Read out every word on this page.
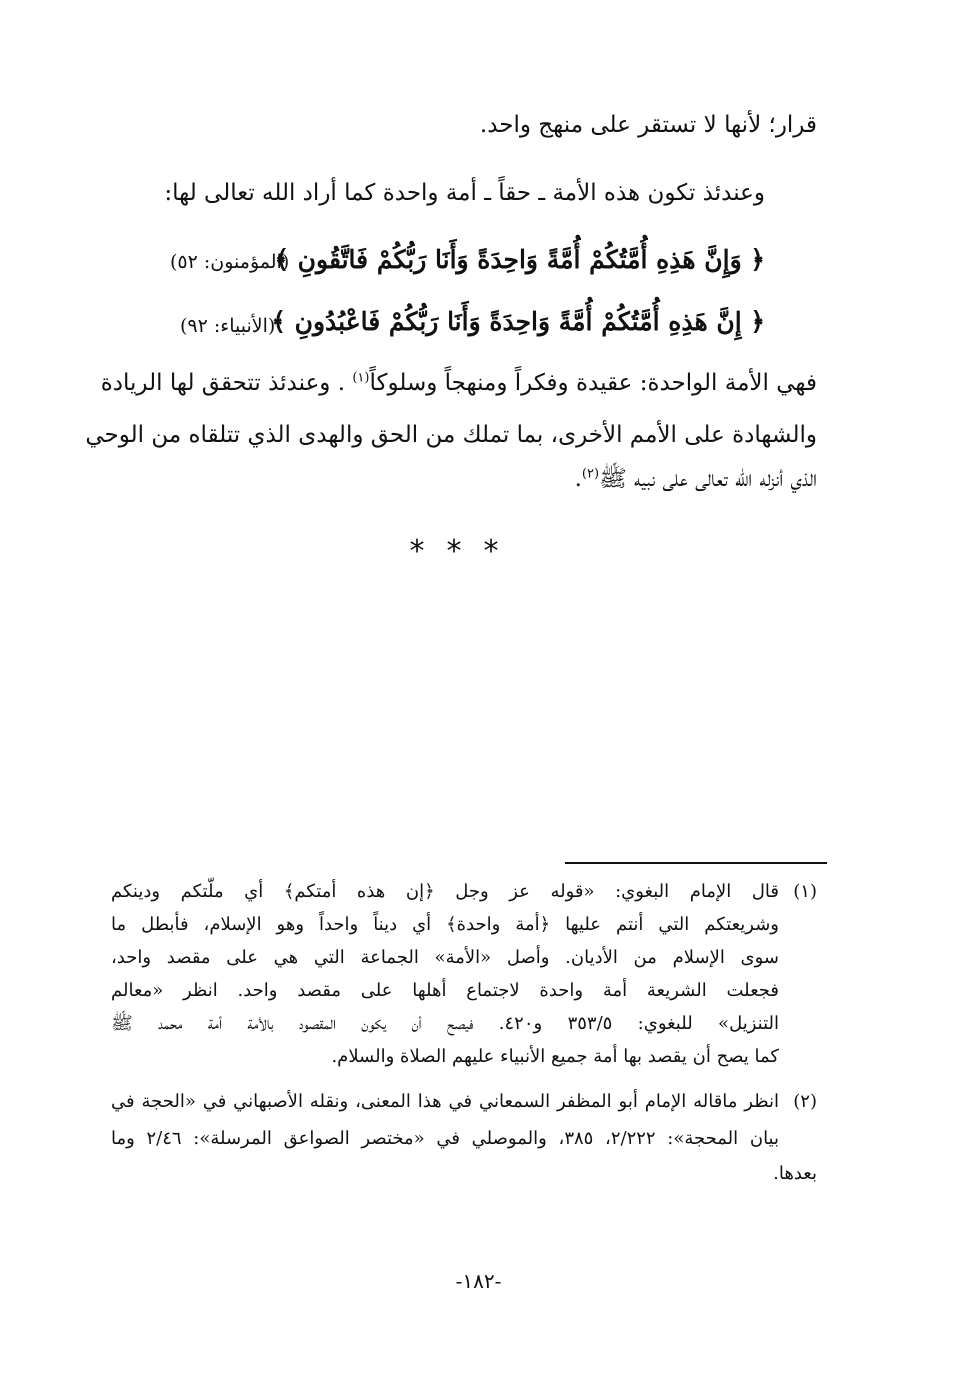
قرار؛ لأنها لا تستقر على منهج واحد.
وعندئذ تكون هذه الأمة ـ حقاً ـ أمة واحدة كما أراد الله تعالى لها:
﴿ وَإِنَّ هَذِهِ أُمَّتُكُمْ أُمَّةً وَاحِدَةً وَأَنَا رَبُّكُمْ فَاتَّقُونِ ﴾
(المؤمنون: ٥٢)
﴿ إِنَّ هَذِهِ أُمَّتُكُمْ أُمَّةً وَاحِدَةً وَأَنَا رَبُّكُمْ فَاعْبُدُونِ ﴾
(الأنبياء: ٩٢)
فهي الأمة الواحدة: عقيدة وفكراً ومنهجاً وسلوكاً$^{(١)}$ . وعندئذ تتحقق لها الريادة
والشهادة على الأمم الأخرى، بما تملك من الحق والهدى الذي تتلقاه من الوحي
الذي أنزله الله تعالى على نبيه ﷺ$^{(٢)}$.
***
(١)
قال الإمام البغوي: «قوله عز وجل ﴿إن هذه أمتكم﴾ أي ملّتكم ودينكم
وشريعتكم التي أنتم عليها ﴿أمة واحدة﴾ أي ديناً واحداً وهو الإسلام، فأبطل ما
سوى الإسلام من الأديان. وأصل «الأمة» الجماعة التي هي على مقصد واحد،
فجعلت الشريعة أمة واحدة لاجتماع أهلها على مقصد واحد. انظر «معالم
التنزيل» للبغوي: ٣٥٣/٥ و٤٢٠. فيصح أن يكون المقصود بالأمة أمة محمد ﷺ
كما يصح أن يقصد بها أمة جميع الأنبياء عليهم الصلاة والسلام.
(٢)
انظر ماقاله الإمام أبو المظفر السمعاني في هذا المعنى، ونقله الأصبهاني في «الحجة في
بيان المحجة»: ٢/٢٢٢، ٣٨٥، والموصلي في «مختصر الصواعق المرسلة»: ٢/٤٦ وما
بعدها.
-١٨٢-
